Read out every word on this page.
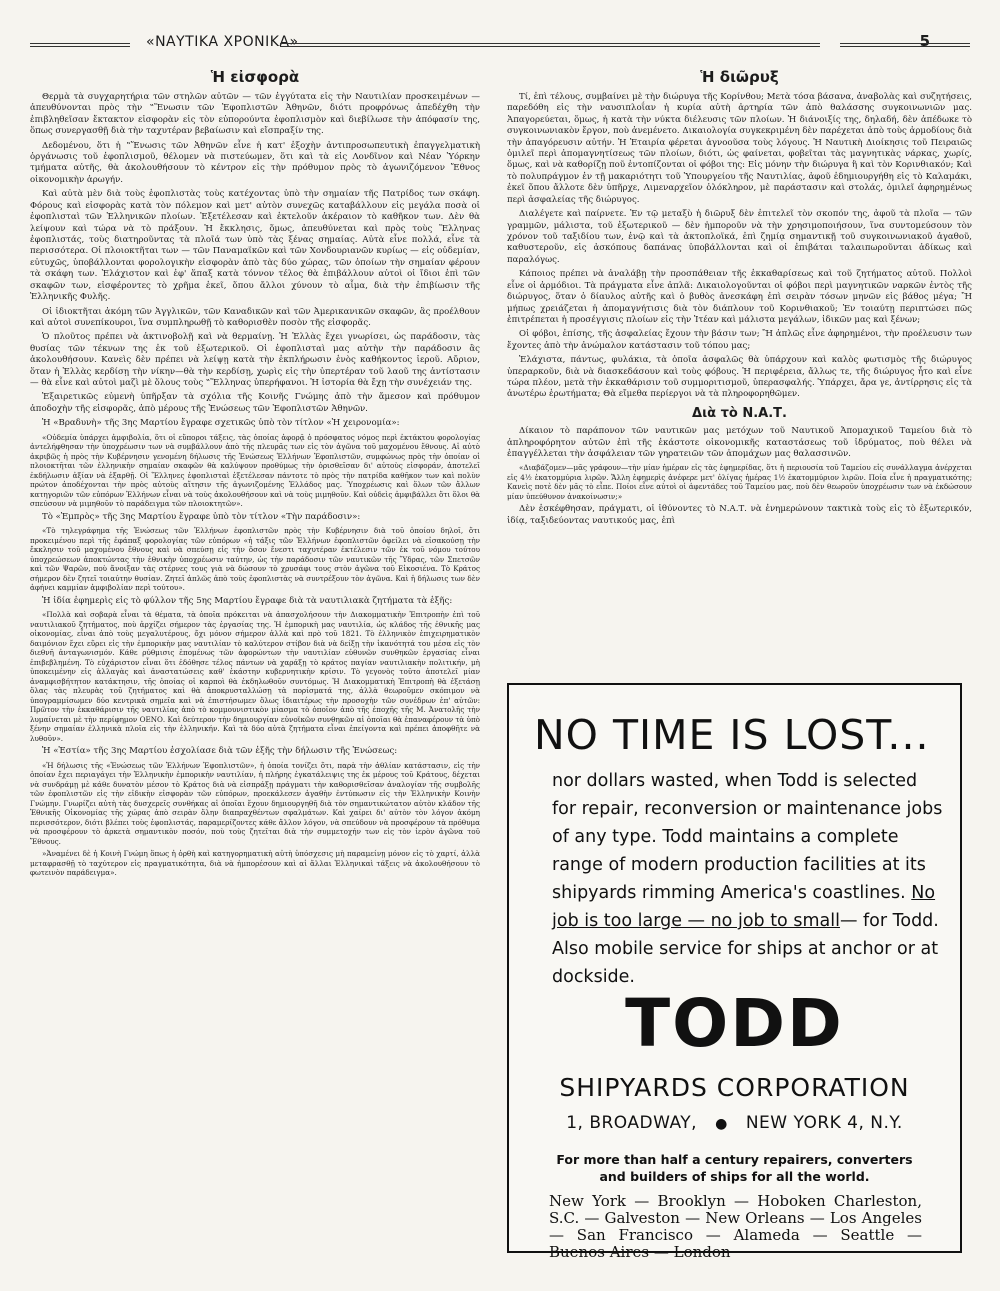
«ΝΑΥΤΙΚΑ ΧΡΟΝΙΚΑ»	5
Ἡ εἰσφορὰ

Θερμὰ τὰ συγχαρητήρια τῶν στηλῶν αὐτῶν — τῶν ἐγγύτατα εἰς τὴν Ναυτιλίαν προσκειμένων — ἀπευθύνονται πρὸς τὴν ‟Ἕνωσιν τῶν Ἐφοπλιστῶν Ἀθηνῶν, διότι προφρόνως ἀπεδέχθη τὴν ἐπιβληθεῖσαν ἔκτακτον εἰσφορὰν εἰς τὸν εὐπορούντα ἐφοπλισμὸν καὶ διεβίλωσε τὴν ἀπόφασίν της, ὅπως συνεργασθῇ διὰ τὴν ταχυτέραν βεβαίωσιν καὶ εἴσπραξίν της.

Δεδομένου, ὅτι ἡ ‟Ἕνωσις τῶν Ἀθηνῶν εἶνε ἡ κατ' ἐξοχὴν ἀντιπροσωπευτικὴ ἐπαγγελματικὴ ὀργάνωσις τοῦ ἐφοπλισμοῦ, θέλομεν νὰ πιστεύωμεν, ὅτι καὶ τὰ εἰς Λονδῖνον καὶ Νέαν Ὑόρκην τμήματα αὐτῆς, θὰ ἀκολουθήσουν τὸ κέντρον εἰς τὴν πρόθυμον πρὸς τὸ ἀγωνιζόμενον Ἔθνος οἰκονομικὴν ἀρωγήν.

Καὶ αὐτὰ μὲν διὰ τοὺς ἐφοπλιστὰς τοὺς κατέχοντας ὑπὸ τὴν σημαίαν τῆς Πατρίδος των σκάφη. Φόρους καὶ εἰσφορὰς κατὰ τὸν πόλεμον καὶ μετ' αὐτὸν συνεχῶς καταβάλλουν εἰς μεγάλα ποσὰ οἱ ἐφοπλισταὶ τῶν Ἑλληνικῶν πλοίων. Ἐξετέλεσαν καὶ ἐκτελοῦν ἀκέραιον τὸ καθῆκον των. Δὲν θὰ λείψουν καὶ τώρα νὰ τὸ πράξουν. Ἡ ἔκκλησις, ὅμως, ἀπευθύνεται καὶ πρὸς τοὺς Ἕλληνας ἐφοπλιστάς, τοὺς διατηροῦντας τὰ πλοῖά των ὑπὸ τὰς ξένας σημαίας. Αὐτὰ εἶνε πολλά, εἶνε τὰ περισσότερα. Οἱ πλοιοκτῆται των — τῶν Παναμαϊκῶν καὶ τῶν Χονδουριανῶν κυρίως — εἰς οὐδεμίαν, εὐτυχῶς, ὑποβάλλονται φορολογικὴν εἰσφορὰν ἀπὸ τὰς δύο χώρας, τῶν ὁποίων τὴν σημαίαν φέρουν τὰ σκάφη των. Ἐλάχιστον καὶ ἐφ' ἅπαξ κατὰ τόννον τέλος θὰ ἐπιβάλλουν αὐτοὶ οἱ ἴδιοι ἐπὶ τῶν σκαφῶν των, εἰσφέροντες τὸ χρῆμα ἐκεῖ, ὅπου ἄλλοι χύνουν τὸ αἷμα, διὰ τὴν ἐπιβίωσιν τῆς Ἑλληνικῆς Φυλῆς.

Οἱ ἰδιοκτῆται ἀκόμη τῶν Ἀγγλικῶν, τῶν Καναδικῶν καὶ τῶν Ἀμερικανικῶν σκαφῶν, ἂς προέλθουν καὶ αὐτοὶ συνεπίκουροι, ἵνα συμπληρωθῇ τὸ καθορισθὲν ποσὸν τῆς εἰσφορᾶς.

Ὁ πλοῦτος πρέπει νὰ ἀκτινοβολῇ καὶ νὰ θερμαίνῃ. Ἡ Ἑλλὰς ἔχει γνωρίσει, ὡς παράδοσιν, τὰς θυσίας τῶν τέκνων της ἐκ τοῦ ἐξωτερικοῦ. Οἱ ἐφοπλισταὶ μας αὐτὴν τὴν παράδοσιν ἂς ἀκολουθήσουν. Κανεὶς δὲν πρέπει νὰ λείψῃ κατὰ τὴν ἐκπλήρωσιν ἑνὸς καθήκοντος ἱεροῦ. Αὔριον, ὅταν ἡ Ἑλλὰς κερδίσῃ τὴν νίκην—θὰ τὴν κερδίσῃ, χωρὶς εἰς τὴν ὑπερτέραν τοῦ λαοῦ της ἀντίστασιν — θὰ εἶνε καὶ αὐτοὶ μαζὶ μὲ ὅλους τοὺς ‟Ἕλληνας ὑπερήφανοι. Ἡ ἱστορία θὰ ἔχῃ τὴν συνέχειάν της.

Ἐξαιρετικῶς εὐμενὴ ὑπῆρξαν τὰ σχόλια τῆς Κοινῆς Γνώμης ἀπὸ τὴν ἄμεσον καὶ πρόθυμον ἀποδοχὴν τῆς εἰσφορᾶς, ἀπὸ μέρους τῆς Ἑνώσεως τῶν Ἐφοπλιστῶν Ἀθηνῶν.

Ἡ «Βραδυνὴ» τῆς 3ης Μαρτίου ἔγραφε σχετικῶς ὑπὸ τὸν τίτλον «Ἡ χειρονομία»:

«Οὐδεμία ὑπάρχει ἀμφιβολία, ὅτι οἱ εὔποροι τάξεις, τὰς ὁποίας ἀφορᾷ ὁ πρόσφατος νόμος περὶ ἐκτάκτου φορολογίας ἀντελήφθησαν τὴν ὑποχρέωσιν των νὰ συμβάλλουν ἀπὸ τῆς πλευρᾶς των εἰς τὸν ἀγῶνα τοῦ μαχομένου ἔθνους. Αἱ αὐτὸ ἀκριβῶς ἡ πρὸς τὴν Κυβέρνησιν γενομένη δήλωσις τῆς Ἑνώσεως Ἑλλήνων Ἐφοπλιστῶν, συμφώνως πρὸς τὴν ὁποίαν οἱ πλοιοκτῆται τῶν ἑλληνικὴν σημαίαν σκαφῶν θὰ καλύψουν προθύμως τὴν ὁρισθεῖσαν δι' αὐτοὺς εἰσφοράν, ἀποτελεῖ ἐκδήλωσιν ἀξίαν νὰ ἐξαρθῇ. Οἱ Ἕλληνες ἐφοπλισταὶ ἐξετέλεσαν πάντοτε τὸ πρὸς τὴν πατρίδα καθῆκον των καὶ πολὺν πρώτον ἀποδέχονται τὴν πρὸς αὐτοὺς αἴτησιν τῆς ἀγωνιζομένης Ἑλλάδος μας. Ὑποχρέωσις καὶ ὅλων τῶν ἄλλων κατηγοριῶν τῶν εὐπόρων Ἑλλήνων εἶναι νὰ τοὺς ἀκολουθήσουν καὶ νὰ τοὺς μιμηθοῦν. Καὶ οὐδεὶς ἀμφιβάλλει ὅτι ὅλοι θὰ σπεύσουν νὰ μιμηθοῦν τὸ παράδειγμα τῶν πλοιοκτητῶν».

Τὸ «Ἐμπρὸς» τῆς 3ης Μαρτίου ἔγραφε ὑπὸ τὸν τίτλον «Τὴν παράδοσιν»:

«Τὸ τηλεγράφημα τῆς Ἑνώσεως τῶν Ἑλλήνων ἐφοπλιστῶν πρὸς τὴν Κυβέρνησιν διὰ τοῦ ὁποίου δηλοῖ, ὅτι προκειμένου περὶ τῆς ἐφάπαξ φορολογίας τῶν εὐπόρων «ἡ τάξις τῶν Ἑλλήνων ἐφοπλιστῶν ὀφείλει νὰ εἰσακούσῃ τὴν ἔκκλησιν τοῦ μαχομένου ἔθνους καὶ νὰ σπεύσῃ εἰς τὴν ὅσον ἔνεστι ταχυτέραν ἐκτέλεσιν τῶν ἐκ τοῦ νόμου τούτου ὑποχρεώσεων ἀποκτώντας τὴν ἐθνικὴν ὑποχρέωσιν ταύτην, ὡς τὴν παράδοσιν τῶν ναυτικῶν τῆς Ὕδρας, τῶν Σπετσῶν καὶ τῶν Ψαρῶν, ποὺ ἄνοιξαν τὰς στέρνες τους γιὰ νὰ δώσουν τὸ χρυσάφι τους στὸν ἀγῶνα τοῦ Εἰκοσιένα. Τὸ Κράτος σήμερον δὲν ζητεῖ τοιαύτην θυσίαν. Ζητεῖ ἁπλῶς ἀπὸ τοὺς ἐφοπλιστὰς νὰ συντρέξουν τὸν ἀγῶνα. Καὶ ἡ δήλωσις των δὲν ἀφήνει καμμίαν ἀμφιβολίαν περὶ τούτου».

Ἡ ἰδία ἐφημερὶς εἰς τὸ φύλλον τῆς 5ης Μαρτίου ἔγραφε διὰ τὰ ναυτιλιακὰ ζητήματα τὰ ἑξῆς:

«Πολλὰ καὶ σοβαρὰ εἶναι τὰ θέματα, τὰ ὁποῖα πρόκειται νὰ ἀπασχολήσουν τὴν Διακομματικὴν Ἐπιτροπὴν ἐπὶ τοῦ ναυτιλιακοῦ ζητήματος, ποὺ ἀρχίζει σήμερον τὰς ἐργασίας της. Ἡ ἐμπορικὴ μας ναυτιλία, ὡς κλάδος τῆς ἐθνικῆς μας οἰκονομίας, εἶναι ἀπὸ τοὺς μεγαλυτέρους, ὄχι μόνον σήμερον ἀλλὰ καὶ πρὸ τοῦ 1821. Τὸ ἑλληνικὸν ἐπιχειρηματικὸν δαιμόνιον ἔχει εὕρει εἰς τὴν ἐμπορικὴν μας ναυτιλίαν τὸ καλύτερον στίβον διὰ νὰ δείξῃ τὴν ἱκανότητά του μέσα εἰς τὸν διεθνῆ ἀνταγωνισμόν. Κάθε ρύθμισις ἑπομένως τῶν ἀφορώντων τὴν ναυτιλίαν εὐθυνῶν συνθηκῶν ἐργασίας εἶναι ἐπιβεβλημένη. Τὸ εὐχάριστον εἶναι ὅτι ἐδόθησε τέλος πάντων νὰ χαράξῃ τὸ κράτος παγίαν ναυτιλιακὴν πολιτικήν, μὴ ὑποκειμένην εἰς ἀλλαγὰς καὶ ἀναστατώσεις καθ' ἑκάστην κυβερνητικὴν κρίσιν. Τὸ γεγονὸς τοῦτο ἀποτελεῖ μίαν ἀναμφισβήτητον κατάκτησιν, τῆς ὁποίας οἱ καρποὶ θὰ ἐκδηλωθοῦν συντόμως. Ἡ Διακομματικὴ Ἐπιτροπὴ θὰ ἐξετάσῃ ὅλας τὰς πλευρὰς τοῦ ζητήματος καὶ θὰ ἀποκρυσταλλώσῃ τὰ πορίσματά της, ἀλλὰ θεωροῦμεν σκόπιμον νὰ ὑπογραμμίσωμεν δύο κεντρικὰ σημεῖα καὶ νὰ ἐπιστήσωμεν ὅλως ἰδιαιτέρως τὴν προσοχὴν τῶν συνέδρων ἐπ' αὐτῶν: Πρῶτον τὴν ἐκκαθάρισιν τῆς ναυτιλίας ἀπὸ τὸ κομμουνιστικὸν μίασμα τὸ ὁποῖον ἀπὸ τῆς ἐποχῆς τῆς Μ. Ἀνατολῆς τὴν λυμαίνεται μὲ τὴν περίφημον ΟΕΝΟ. Καὶ δεύτερον τὴν δημιουργίαν εὐνοϊκῶν συνθηκῶν αἱ ὁποῖαι θὰ ἐπαναφέρουν τὰ ὑπὸ ξένην σημαίαν ἑλληνικὰ πλοῖα εἰς τὴν ἑλληνικήν. Καὶ τὰ δύο αὐτὰ ζητήματα εἶναι ἐπείγοντα καὶ πρέπει ἀποφθῆτε νὰ λυθοῦν».

Ἡ «Ἑστία» τῆς 3ης Μαρτίου ἐσχολίασε διὰ τῶν ἑξῆς τὴν δήλωσιν τῆς Ἑνώσεως:

«Ἡ δήλωσις τῆς «Ἑνώσεως τῶν Ἑλλήνων Ἐφοπλιστῶν», ἡ ὁποία τονίζει ὅτι, παρὰ τὴν ἀθλίαν κατάστασιν, εἰς τὴν ὁποίαν ἔχει περιαγάγει τὴν Ἑλληνικὴν ἐμπορικὴν ναυτιλίαν, ἡ πλήρης ἐγκατάλειψις της ἐκ μέρους τοῦ Κράτους, δέχεται νὰ συνδράμῃ μὲ κάθε δυνατὸν μέσον τὸ Κράτος διὰ νὰ εἰσπράξῃ πράγματι τὴν καθορισθεῖσαν ἀναλογίαν τῆς συμβολῆς τῶν ἐφοπλιστῶν εἰς τὴν εἰδικὴν εἰσφορὰν τῶν εὐπόρων, προεκάλεσεν ἀγαθὴν ἐντύπωσιν εἰς τὴν Ἑλληνικὴν Κοινὴν Γνώμην. Γνωρίζει αὐτὴ τὰς δυσχερεῖς συνθήκας αἱ ὁποῖαι ἔχουν δημιουργηθῆ διὰ τὸν σημαντικώτατον αὐτὸν κλάδον τῆς Ἐθνικῆς Οἰκονομίας τῆς χώρας ἀπὸ σειρὰν ὅλην διαπραχθέντων σφαλμάτων. Καὶ χαίρει δι' αὐτὸν τὸν λόγον ἀκόμη περισσότερον, διότι βλέπει τοὺς ἐφοπλιστάς, παραμερίζοντες κάθε ἄλλον λόγον, νὰ σπεύδουν νὰ προσφέρουν τὰ πρόθυμα νὰ προσφέρουν τὸ ἀρκετὰ σημαντικὸν ποσόν, ποὺ τοὺς ζητεῖται διὰ τὴν συμμετοχήν των εἰς τὸν ἱερὸν ἀγῶνα τοῦ Ἔθνους.

»Ἀναμένει δὲ ἡ Κοινὴ Γνώμη ὅπως ἡ ὀρθὴ καὶ κατηγορηματικὴ αὐτὴ ὑπόσχεσις μὴ παραμείνῃ μόνον εἰς τὸ χαρτί, ἀλλὰ μεταφρασθῇ τὸ ταχύτερον εἰς πραγματικότητα, διὰ νὰ ἠμπορέσουν καὶ αἱ ἄλλαι Ἑλληνικαὶ τάξεις νὰ ἀκολουθήσουν τὸ φωτεινὸν παράδειγμα».

Ἡ διῶρυξ

Τί, ἐπὶ τέλους, συμβαίνει μὲ τὴν διώρυγα τῆς Κορίνθου; Μετὰ τόσα βάσανα, ἀναβολὰς καὶ συζητήσεις, παρεδόθη εἰς τὴν ναυσιπλοΐαν ἡ κυρία αὐτὴ ἀρτηρία τῶν ἀπὸ θαλάσσης συγκοινωνιῶν μας. Ἀπαγορεύεται, ὅμως, ἡ κατὰ τὴν νύκτα διέλευσις τῶν πλοίων. Ἡ διάνοιξίς της, δηλαδή, δὲν ἀπέδωκε τὸ συγκοινωνιακὸν ἔργον, ποὺ ἀνεμένετο. Δικαιολογία συγκεκριμένη δὲν παρέχεται ἀπὸ τοὺς ἁρμοδίους διὰ τὴν ἀπαγόρευσιν αὐτήν. Ἡ Ἑταιρία φέρεται ἀγνοοῦσα τοὺς λόγους. Ἡ Ναυτικὴ Διοίκησις τοῦ Πειραιῶς ὁμιλεῖ περὶ ἀπομαγνητίσεως τῶν πλοίων, διότι, ὡς φαίνεται, φοβεῖται τὰς μαγνητικὰς νάρκας, χωρίς, ὅμως, καὶ νὰ καθορίζῃ ποῦ ἐντοπίζονται οἱ φόβοι της: Εἰς μόνην τὴν διώρυγα ἢ καὶ τὸν Κορινθιακόν; Καὶ τὸ πολυπράγμον ἐν τῇ μακαριότητι τοῦ Ὑπουργείου τῆς Ναυτιλίας, ἀφοῦ ἐδημιουργήθη εἰς τὸ Καλαμάκι, ἐκεῖ ὅπου ἄλλοτε δὲν ὑπῆρχε, Λιμεναρχεῖον ὁλόκληρον, μὲ παράστασιν καὶ στολάς, ὁμιλεῖ ἀφηρημένως περὶ ἀσφαλείας τῆς διώρυγος.

Διαλέγετε καὶ παίρνετε. Ἐν τῷ μεταξὺ ἡ διῶρυξ δὲν ἐπιτελεῖ τὸν σκοπόν της, ἀφοῦ τὰ πλοῖα — τῶν γραμμῶν, μάλιστα, τοῦ ἐξωτερικοῦ — δὲν ἠμποροῦν νὰ τὴν χρησιμοποιήσουν, ἵνα συντομεύσουν τὸν χρόνον τοῦ ταξιδίου των, ἐνῷ καὶ τὰ ἀκτοπλοϊκά, ἐπὶ ζημίᾳ σημαντικῇ τοῦ συγκοινωνιακοῦ ἀγαθοῦ, καθυστεροῦν, εἰς ἀσκόπους δαπάνας ὑποβάλλονται καὶ οἱ ἐπιβάται ταλαιπωροῦνται ἀδίκως καὶ παραλόγως.

Κάποιος πρέπει νὰ ἀναλάβῃ τὴν προσπάθειαν τῆς ἐκκαθαρίσεως καὶ τοῦ ζητήματος αὐτοῦ. Πολλοὶ εἶνε οἱ ἁρμόδιοι. Τὰ πράγματα εἶνε ἁπλᾶ: Δικαιολογοῦνται οἱ φόβοι περὶ μαγνητικῶν ναρκῶν ἐντὸς τῆς διώρυγος, ὅταν ὁ δίαυλος αὐτῆς καὶ ὁ βυθὸς ἀνεσκάφη ἐπὶ σειρὰν τόσων μηνῶν εἰς βάθος μέγα; Ἢ μήπως χρειάζεται ἡ ἀπομαγνήτισις διὰ τὸν διάπλουν τοῦ Κορινθιακοῦ; Ἐν τοιαύτῃ περιπτώσει πῶς ἐπιτρέπεται ἡ προσέγγισις πλοίων εἰς τὴν Ἰτέαν καὶ μάλιστα μεγάλων, ἰδικῶν μας καὶ ξένων;

Οἱ φόβοι, ἐπίσης, τῆς ἀσφαλείας ἔχουν τὴν βάσιν των; Ἢ ἁπλῶς εἶνε ἀφηρημένοι, τὴν προέλευσιν των ἔχοντες ἀπὸ τὴν ἀνώμαλον κατάστασιν τοῦ τόπου μας;

Ἐλάχιστα, πάντως, φυλάκια, τὰ ὁποῖα ἀσφαλῶς θὰ ὑπάρχουν καὶ καλὸς φωτισμὸς τῆς διώρυγος ὑπεραρκοῦν, διὰ νὰ διασκεδάσουν καὶ τοὺς φόβους. Ἡ περιφέρεια, ἄλλως τε, τῆς διώρυγος ἦτο καὶ εἶνε τώρα πλέον, μετὰ τὴν ἐκκαθάρισιν τοῦ συμμοριτισμοῦ, ὑπερασφαλής. Ὑπάρχει, ἄρα γε, ἀντίρρησις εἰς τὰ ἀνωτέρω ἐρωτήματα; Θὰ εἴμεθα περίεργοι νὰ τὰ πληροφορηθῶμεν.

Διὰ τὸ Ν.Α.Τ.

Δίκαιον τὸ παράπονον τῶν ναυτικῶν μας μετόχων τοῦ Ναυτικοῦ Ἀπομαχικοῦ Ταμείου διὰ τὸ ἀπληροφόρητον αὐτῶν ἐπὶ τῆς ἑκάστοτε οἰκονομικῆς καταστάσεως τοῦ ἱδρύματος, ποὺ θέλει νὰ ἐπαγγέλλεται τὴν ἀσφάλειαν τῶν γηρατειῶν τῶν ἀπομάχων μας θαλασσινῶν.

«Διαβάζομεν—μᾶς γράφουν—τὴν μίαν ἡμέραν εἰς τὰς ἐφημερίδας, ὅτι ἡ περιουσία τοῦ Ταμείου εἰς συνάλλαγμα ἀνέρχεται εἰς 4½ ἑκατομμύρια λιρῶν. Ἄλλη ἐφημερὶς ἀνέφερε μετ' ὀλίγας ἡμέρας 1½ ἑκατομμύριον λιρῶν. Ποία εἶνε ἡ πραγματικότης; Κανεὶς ποτὲ δὲν μᾶς τὸ εἶπε. Ποίοι εἶνε αὐτοὶ οἱ ἀφεντάδες τοῦ Ταμείου μας, ποὺ δὲν θεωροῦν ὑποχρέωσιν των νὰ ἐκδώσουν μίαν ὑπεύθυνον ἀνακοίνωσιν;»

Δὲν ἐσκέφθησαν, πράγματι, οἱ ἰθύνοντες τὸ Ν.Α.Τ. νὰ ἐνημερώνουν τακτικὰ τοὺς εἰς τὸ ἐξωτερικόν, ἰδίᾳ, ταξιδεύοντας ναυτικούς μας, ἐπὶ

NO TIME IS LOST...
nor dollars wasted, when Todd is selected for repair, reconversion or maintenance jobs of any type. Todd maintains a complete range of modern production facilities at its shipyards rimming America's coastlines. No job is too large — no job to small— for Todd. Also mobile service for ships at anchor or at dockside.
TODD
SHIPYARDS CORPORATION
1, BROADWAY, ● NEW YORK 4, N.Y.
For more than half a century repairers, converters and builders of ships for all the world.
New York — Brooklyn — Hoboken Charleston, S.C. — Galveston — New Orleans — Los Angeles — San Francisco — Alameda — Seattle — Buenos Aires — London
